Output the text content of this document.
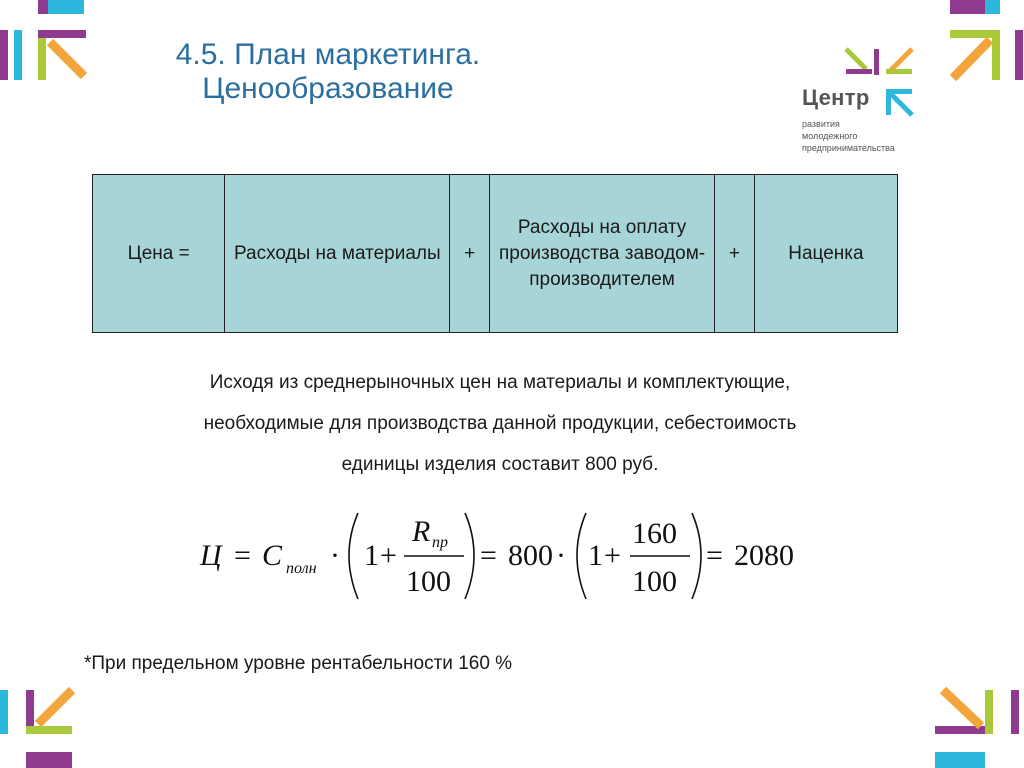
4.5. План маркетинга.
Ценообразование	Центр
развития
молодежного
предпринимательства
Цена =	Расходы на материалы	+	Расходы на оплату производства заводом-производителем	+	Наценка
Исходя из среднерыночных цен на материалы и комплектующие,
необходимые для производства данной продукции, себестоимость
единицы изделия составит 800 руб.
Ц = С полн · 1 +
R пр
100
= 800 · 1 +
160
100
= 2080
*При предельном уровне рентабельности 160 %
